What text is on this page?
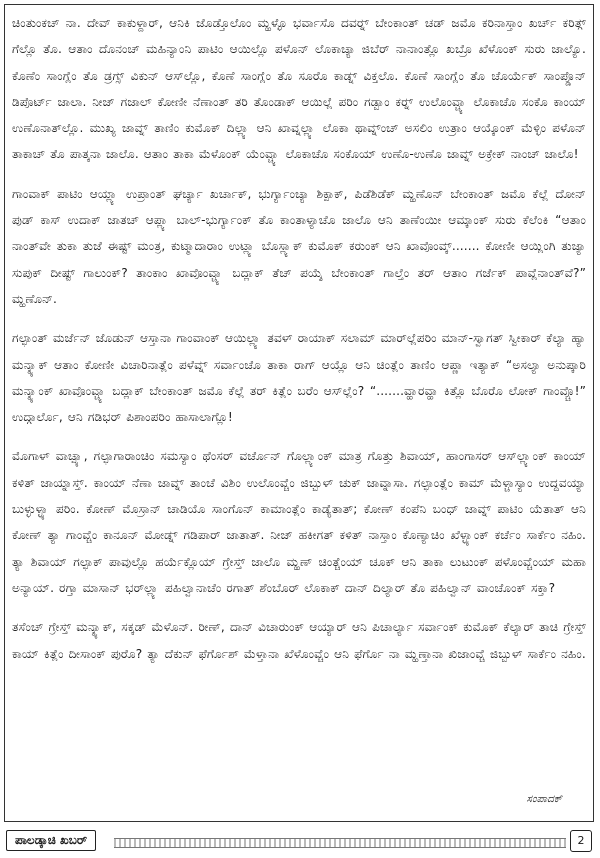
ಚಿಂತುಂಕಚ್ ನಾ. ದೇವ್ ಕಾಕುಳ್ದಾರ್, ಆನಿಕಿ ಜೊಡ್ತೊಲೊಂ ಮ್ಹಳ್ಳೊ ಭರ್ವಾಸೊ ದವರ್‍ನ್ ಬೇಂಕಾಂತ್ ಚಡ್ ಜಮೊ ಕರಿನಾಸ್ತಾಂ ಖರ್ಚ್ ಕರಿತ್ಗ್ ಗೆಲ್ಲೊ ತೊ. ಆತಾಂ ದೊನಂಚ್ ಮಹಿನ್ಯಾಂನಿ ಪಾಟಿಂ ಆಯಿಲ್ಲೊ ಪಳೊನ್ ಲೊಕಾಚ್ಯಾ ಜಿಬೆರ್ ನಾನಾಂತ್ಲೊ ಖಬ್ರೊ ಖೆಳೊಂಕ್ ಸುರು ಜಾಲ್ಯೊ. ಕೊಣೆಂ ಸಾಂಗ್ಲೆಂ ತೊ ಡ್ರಗ್ಸ್ ವಿಕುನ್ ಆಸ್‌ಲ್ಲೊ, ಕೊಣೆ ಸಾಂಗ್ಲೆಂ ತೊ ಸೂರೊ ಕಾಡ್ನ್ ವಿಕ್ತಲೊ. ಕೊಣೆ ಸಾಂಗ್ಲೆಂ ತೊ ಚೊರ್ಯೆಕ್ ಸಾಂಪ್ಡೊನ್ ಡಿಪೊರ್ಟ್ ಜಾಲಾ. ನೀಜ್ ಗಜಾಲ್ ಕೋಣೀ ನೆಣಾಂತ್ ತರಿ ತೊಂಡಾಕ್ ಆಯಿಲ್ಲೆ ಪರಿಂ ಗಡ್ಬಾಂ ಕರ್‍ನ್ ಉಲೊಂವ್ಚ್ಯಾ ಲೊಕಾಚೊ ಸಂಕೊ ಕಾಂಯ್ ಉಣೊನಾತ್‌ಲ್ಲೊ. ಮುಖ್ಯ ಜಾವ್ನ್ ತಾಣಿಂ ಕುಮೊಕ್ ದಿಲ್ಲ್ಯಾ ಆನಿ ಖಾವ್ನಲ್ಲ್ಯಾ ಲೊಕಾ ಥಾವ್ನ್‌ಂಚ್ ಅಸಲಿಂ ಉತ್ರಾಂ ಆಯ್ಕೊಂಕ್ ಮೆಳ್ಳಿಂ ಪಳೊನ್ ತಾಕಾಚ್ ತೊ ಪಾತ್ಕನಾ ಜಾಲೊ. ಆತಾಂ ತಾಕಾ ಮೆಳೊಂಕ್ ಯೆಂವ್ಚ್ಯಾ ಲೊಕಾಚೊ ಸಂಕೊಯ್ ಉಣೊ-ಉಣೊ ಜಾವ್ನ್ ಅಕ್ರೇಕ್ ನಾಂಚ್ ಜಾಲೊ!

ಗಾಂವಾಕ್ ಪಾಟಿಂ ಆಯ್ಲ್ಯಾ ಉಪ್ರಾಂತ್ ಘರ್ಚ್ಯಾ ಖರ್ಚಾಕ್, ಭುರ್ಗ್ಯಾಂಚ್ಯಾ ಶಿಕ್ಪಾಕ್, ಪಿಡೆಶಿಡೆಕ್ ಮ್ಹಣೊನ್ ಬೇಂಕಾಂತ್ ಜಮೊ ಕೆಲ್ಲೆ ದೋನ್ ಪುಡ್ ಕಾಸ್ ಉದಾಕ್ ಜಾತಚ್ ಆಪ್ಲ್ಯಾ ಬಾಲ್-ಭುರ್ಗ್ಯಾಂಕ್ ತೊ ಕಾಂತಾಳ್ಯಾಚೊ ಜಾಲೊ ಆನಿ ತಾಣೆಂಯೀ ಆಮ್ಕಾಂಕ್ ಸುರು ಕೆಲೆಂಕಿ “ಆತಾಂ ನಾಂತ್‌ವೇ ತುಕಾ ತುಜೆ ಈಷ್ಟ್ ಮಂತ್ರ, ಕುಟ್ಮಾದಾರಾಂ ಉಟ್ಲ್ಯಾ ಬೊಸ್ಲ್ಯಾಕ್ ಕುಮೊಕ್ ಕರುಂಕ್ ಆನಿ ಖಾವೊಂವ್ಕ್....... ಕೋಣೀ ಆಯ್ಲಿಂಗಿ ತುಜ್ಯಾ ಸುಪುಕ್ ದೀಷ್ಟ್ ಗಾಲುಂಕ್? ತಾಂಕಾಂ ಖಾವೊಂವ್ಚ್ಯಾ ಬದ್ಲಾಕ್ ತೆಚ್ ಪಯ್ಶೆ ಬೇಂಕಾಂತ್ ಗಾಲ್ತೆಂ ತರ್ ಆತಾಂ ಗರ್ಜೆಕ್ ಪಾವ್ಲೆನಾಂತ್‌ವೆ?” ಮ್ಹಣೊನ್.

ಗಲ್ಫಾಂತ್ ಮರ್ಜೆನ್ ಜೊಡುನ್ ಆಸ್ತಾನಾ ಗಾಂವಾಂಕ್ ಆಯಿಲ್ಲ್ಯಾ ತವಳ್ ರಾಯಾಕ್ ಸಲಾಮ್ ಮಾರ್‌ಲ್ಲೆಪರಿಂ ಮಾನ್-ಸ್ವಾಗತ್ ಸ್ವೀಕಾರ್ ಕೆಲ್ಯಾ ಹ್ಯಾ ಮನ್ಶ್ಯಾಕ್ ಆತಾಂ ಕೋಣೀ ವಿಚಾರಿನಾತ್ಲೆಂ ಪಳೆವ್ನ್ ಸರ್ವಾಂಚೊ ತಾಕಾ ರಾಗ್ ಆಯ್ಲೊ ಆನಿ ಚಿಂತ್ಲೆಂ ತಾಣಿಂ ಆಪ್ಣಾ ಇತ್ಯಾಕ್ “ಅಸಲ್ಯಾ ಅನುಪ್ಕಾರಿ ಮನ್ಶ್ಯಾಂಕ್ ಖಾವೊಂವ್ಚ್ಯಾ ಬದ್ಲಾಕ್ ಬೇಂಕಾಂತ್ ಜಮೊ ಕೆಲ್ಲೆ ತರ್ ಕಿತ್ಲೆಂ ಬರೆಂ ಆಸ್‌ಲ್ಲೆಂ? “.......ವ್ಹಾರವ್ಹಾ ಕಿತ್ಲೊ ಬೊರೊ ಲೋಕ್ ಗಾಂವ್ಚೊ!” ಉದ್ಗಾರ್ಲೊ, ಆನಿ ಗಡಿಭರ್ ಪಿಶಾಂಪರಿಂ ಹಾಸಾಲಾಗ್ಲೊ!

ಮೊಗಾಳ್ ವಾಚ್ಪ್ಯಾ, ಗಲ್ಫಾಗಾರಾಂಚಿಂ ಸಮಸ್ಯಾಂ ಥೆಂಸರ್ ವರ್ಚೊನ್ ಗೊಲ್ಲ್ಯಾಂಕ್ ಮಾತ್ರ ಗೊತ್ತು ಶಿವಾಯ್, ಹಾಂಗಾಸರ್ ಆಸ್‌ಲ್ಲ್ಯಾಂಕ್ ಕಾಂಯ್ ಕಳಿತ್ ಜಾಯ್ನಾಸ್ತ್. ಕಾಂಯ್ ನೆಣಾ ಜಾವ್ನ್ ತಾಂಚೆ ವಿಶಿಂ ಉಲೊಂವ್ಚೆಂ ಜಿಬ್ಬುಳ್ ಚುಕ್ ಜಾವ್ನಾಸಾ. ಗಲ್ಫಾಂತ್ಲೆಂ ಕಾಮ್ ಮೆಳ್ಚಾಸ್ಯಾಂ ಉದ್ದವಯ್ಯಾ ಬುಳ್ಳುಳ್ಳ್ಯಾ ಪರಿಂ. ಕೋಣ್ ಮೊಸ್ರಾನ್ ಚಾಡಿಯೊ ಸಾಂಗೊನ್ ಕಾಮಾಂತ್ಲೆಂ ಕಾಡ್ಯೆತಾತ್; ಕೋಣ್ ಕಂಪೆನಿ ಬಂಧ್ ಜಾವ್ನ್ ಪಾಟಿಂ ಯೆತಾತ್ ಆನಿ ಕೋಣ್ ತ್ಯಾ ಗಾಂವ್ಚೆಂ ಕಾನೂನ್ ಮೋಡ್ನ್ ಗಡಿಪಾರ್ ಜಾತಾತ್. ನೀಜ್ ಹಕೀಗತ್ ಕಳಿತ್ ನಾಸ್ತಾಂ ಕೊಣ್ಯಾಚಿಂ ಖೆಳ್ಳ್ಯಾಂಕ್ ಕರ್ಚೆಂ ಸಾರ್ಕೆಂ ನಹಿಂ. ತ್ಯಾ ಶಿವಾಯ್ ಗಲ್ಫಾಕ್ ಪಾವುಲ್ಲೊ ಹರ್ಯೆಕ್ಲೊಯ್ ಗ್ರೇಸ್ತ್ ಜಾಲೊ ಮ್ಹಣ್ ಚಿಂತ್ಚೆಂಯ್ ಚೂಕ್ ಆನಿ ತಾಕಾ ಲುಟುಂಕ್ ಪಳೊಂವ್ಚೆಂಯ್ ಮಹಾ ಅನ್ಯಾಯ್. ರಗ್ತಾ ಮಾಸಾನ್ ಭರ್‌ಲ್ಲ್ಯಾ ಪಹಿಲ್ವಾನಾಚೆಂ ರಗಾತ್ ಶೆಂಬೊರ್ ಲೊಕಾಕ್ ದಾನ್ ದಿಲ್ಯಾರ್ ತೊ ಪಹಿಲ್ವಾನ್ ವಾಂಚೊಂಕ್ ಸಕ್ತಾ?

ತಸೆಂಚ್ ಗ್ರೇಸ್ತ್ ಮನ್ಶ್ಯಾಕ್, ಸಕ್ಕಡ್ ಮೆಳೊನ್. ರೀಣ್, ದಾನ್ ವಿಚಾರುಂಕ್ ಆಯ್ಯಾರ್ ಆನಿ ಪಿಚಾರ್ಲ್ಯಾ ಸರ್ವಾಂಕ್ ಕುಮೊಕ್ ಕೆಲ್ಯಾರ್ ತಾಚಿ ಗ್ರೇಸ್ತ್ ಕಾಯ್ ಕಿತ್ಲೆಂ ದೀಸಾಂಕ್ ಪುರೊ? ತ್ಯಾ ದೆಕುನ್ ಫೆರ್ಗೊಶ್ ಮೆಳ್ತಾನಾ ಖೆಳೊಂವ್ಚೆಂ ಆನಿ ಫೆರ್ಗೊ ನಾ ಮ್ಹಣ್ತಾನಾ ಖಿಜಾಂವ್ಚೆ ಜಿಬ್ಬುಳ್ ಸಾರ್ಕೆಂ ನಹಿಂ.

ಸಂಪಾದಕ್
ಪಾಲಡ್ಕಾಚಿ ಖಬರ್	2
